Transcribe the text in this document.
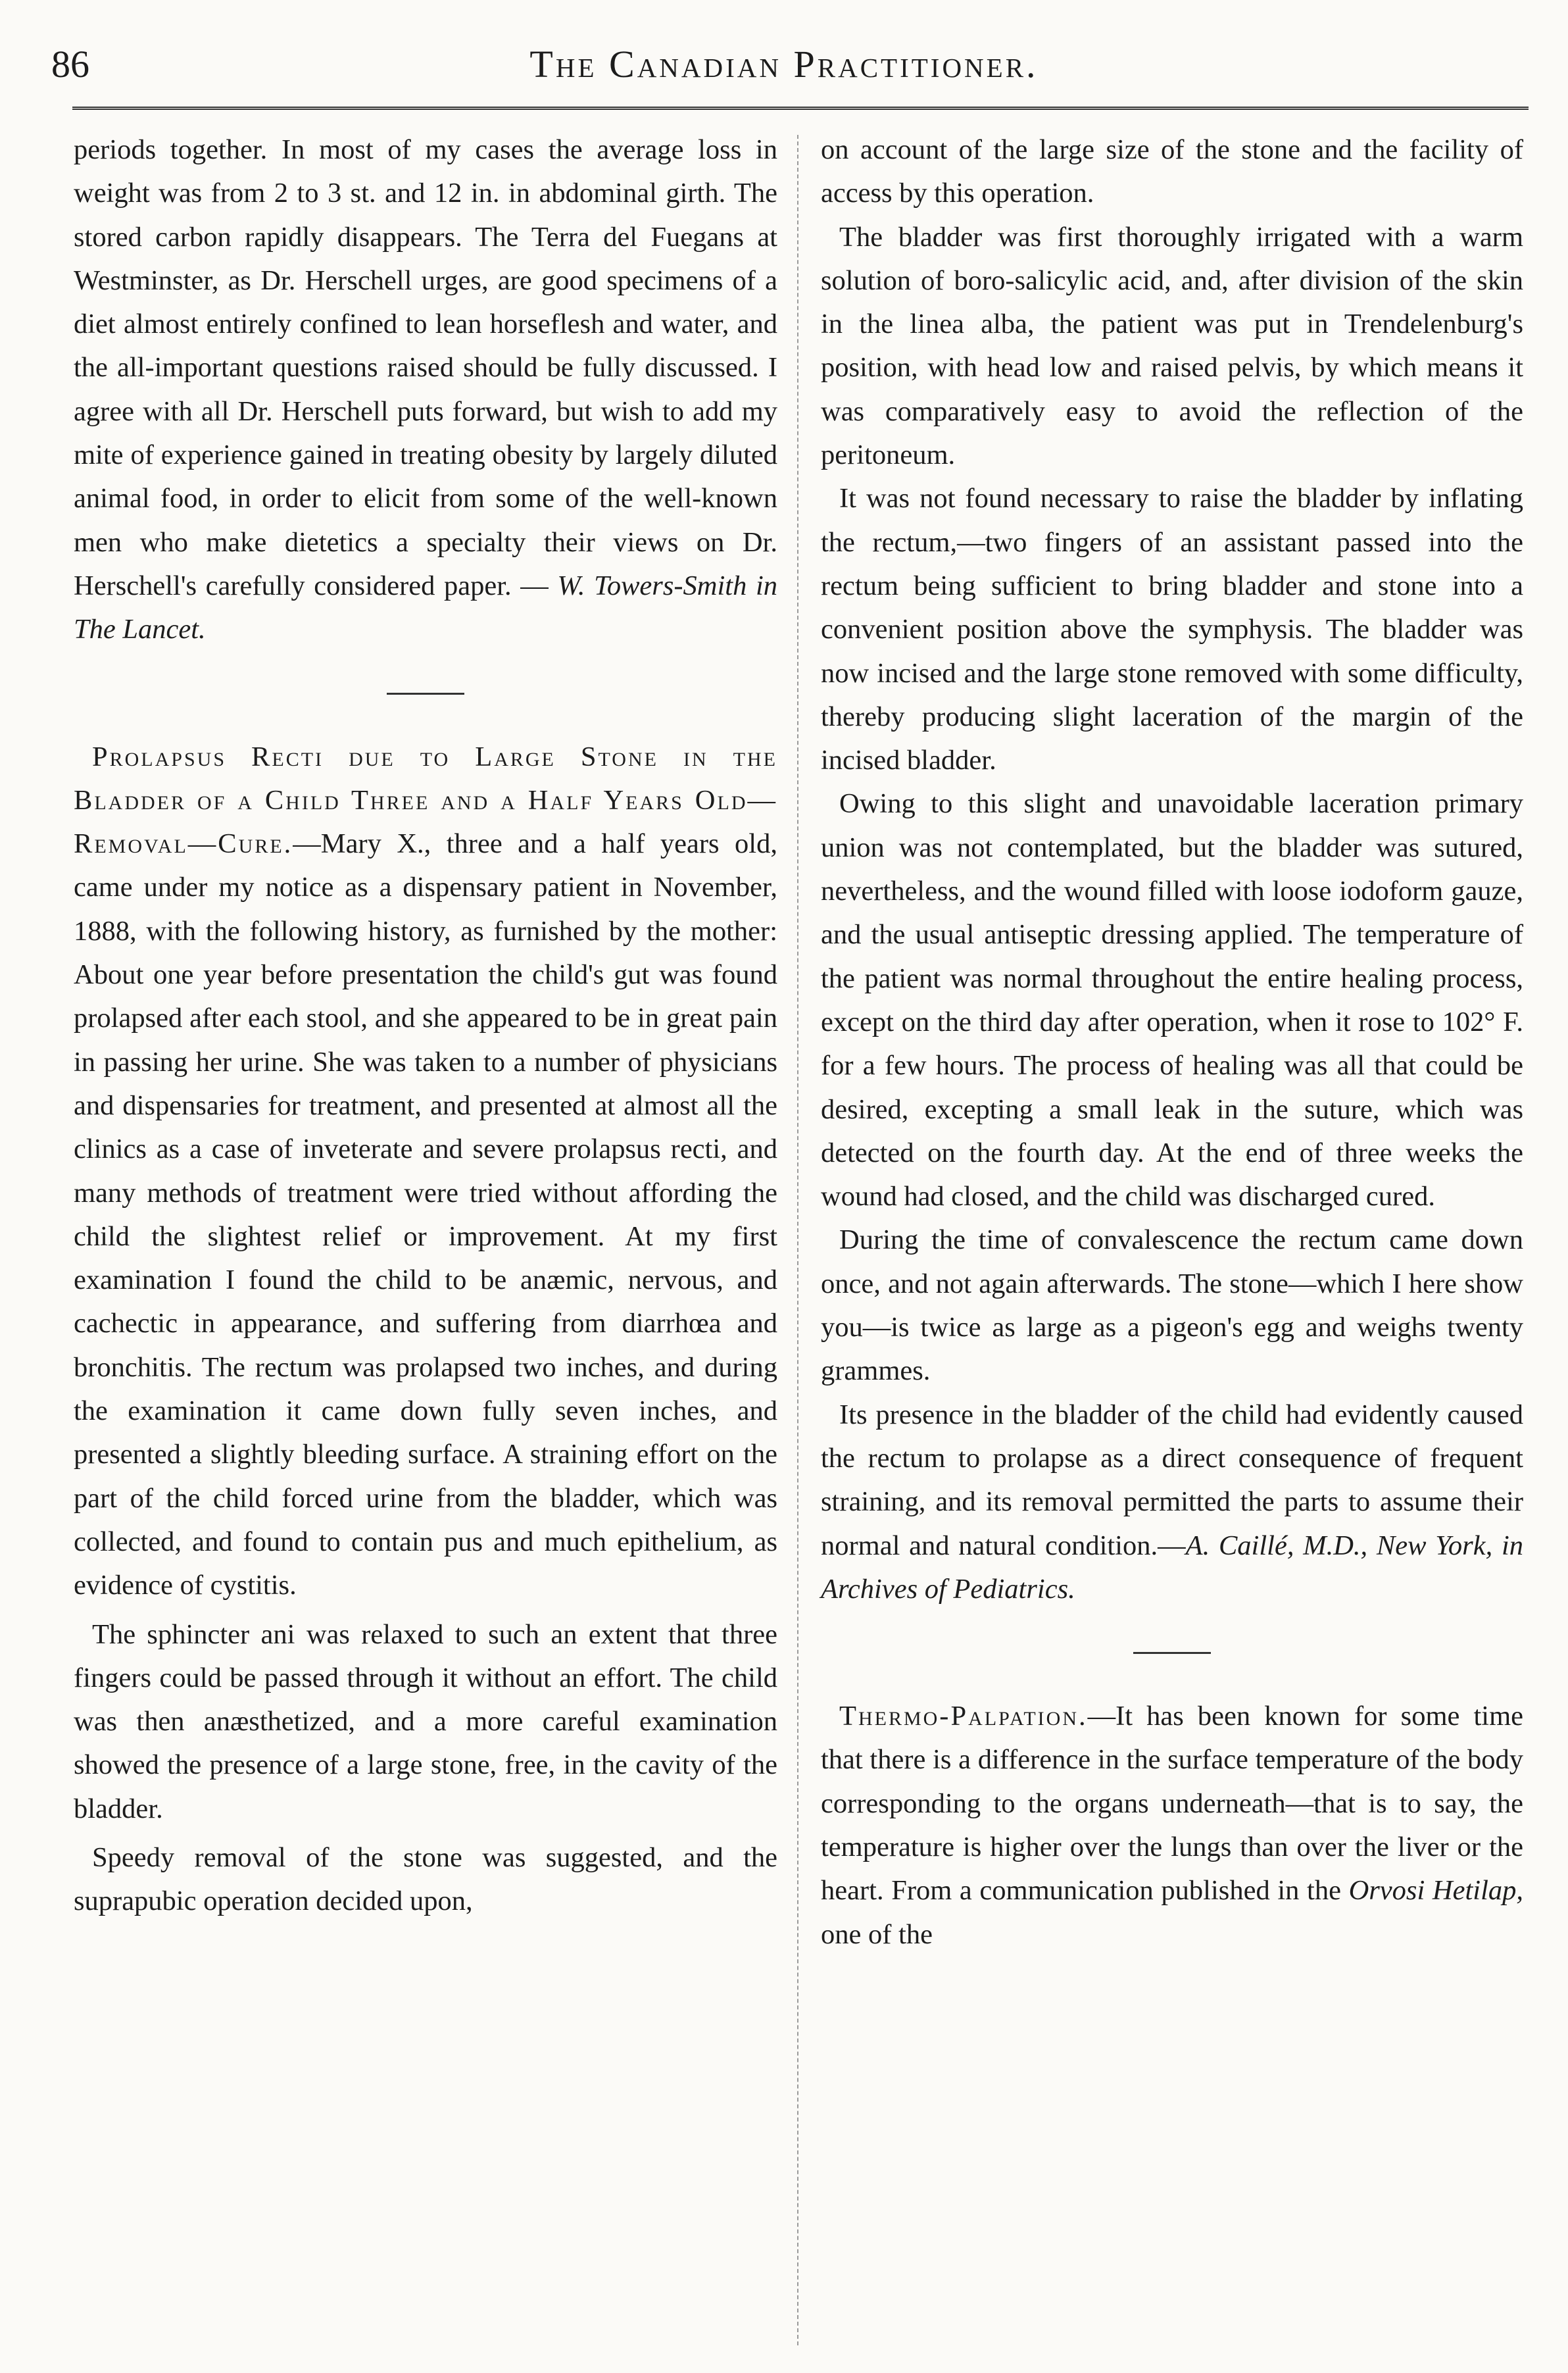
86	The Canadian Practitioner.

periods together. In most of my cases the average loss in weight was from 2 to 3 st. and 12 in. in abdominal girth. The stored carbon rapidly disappears. The Terra del Fuegans at Westminster, as Dr. Herschell urges, are good specimens of a diet almost entirely confined to lean horseflesh and water, and the all-important questions raised should be fully discussed. I agree with all Dr. Herschell puts forward, but wish to add my mite of experience gained in treating obesity by largely diluted animal food, in order to elicit from some of the well-known men who make dietetics a specialty their views on Dr. Herschell's carefully considered paper. — W. Towers-Smith in The Lancet.

Prolapsus Recti due to Large Stone in the Bladder of a Child Three and a Half Years Old—Removal—Cure.—Mary X., three and a half years old, came under my notice as a dispensary patient in November, 1888, with the following history, as furnished by the mother: About one year before presentation the child's gut was found prolapsed after each stool, and she appeared to be in great pain in passing her urine. She was taken to a number of physicians and dispensaries for treatment, and presented at almost all the clinics as a case of inveterate and severe prolapsus recti, and many methods of treatment were tried without affording the child the slightest relief or improvement. At my first examination I found the child to be anæmic, nervous, and cachectic in appearance, and suffering from diarrhœa and bronchitis. The rectum was prolapsed two inches, and during the examination it came down fully seven inches, and presented a slightly bleeding surface. A straining effort on the part of the child forced urine from the bladder, which was collected, and found to contain pus and much epithelium, as evidence of cystitis.

The sphincter ani was relaxed to such an extent that three fingers could be passed through it without an effort. The child was then anæsthetized, and a more careful examination showed the presence of a large stone, free, in the cavity of the bladder.

Speedy removal of the stone was suggested, and the suprapubic operation decided upon,

on account of the large size of the stone and the facility of access by this operation.

The bladder was first thoroughly irrigated with a warm solution of boro-salicylic acid, and, after division of the skin in the linea alba, the patient was put in Trendelenburg's position, with head low and raised pelvis, by which means it was comparatively easy to avoid the reflection of the peritoneum.

It was not found necessary to raise the bladder by inflating the rectum,—two fingers of an assistant passed into the rectum being sufficient to bring bladder and stone into a convenient position above the symphysis. The bladder was now incised and the large stone removed with some difficulty, thereby producing slight laceration of the margin of the incised bladder.

Owing to this slight and unavoidable laceration primary union was not contemplated, but the bladder was sutured, nevertheless, and the wound filled with loose iodoform gauze, and the usual antiseptic dressing applied. The temperature of the patient was normal throughout the entire healing process, except on the third day after operation, when it rose to 102° F. for a few hours. The process of healing was all that could be desired, excepting a small leak in the suture, which was detected on the fourth day. At the end of three weeks the wound had closed, and the child was discharged cured.

During the time of convalescence the rectum came down once, and not again afterwards. The stone—which I here show you—is twice as large as a pigeon's egg and weighs twenty grammes.

Its presence in the bladder of the child had evidently caused the rectum to prolapse as a direct consequence of frequent straining, and its removal permitted the parts to assume their normal and natural condition.—A. Caillé, M.D., New York, in Archives of Pediatrics.

Thermo-Palpation.—It has been known for some time that there is a difference in the surface temperature of the body corresponding to the organs underneath—that is to say, the temperature is higher over the lungs than over the liver or the heart. From a communication published in the Orvosi Hetilap, one of the
